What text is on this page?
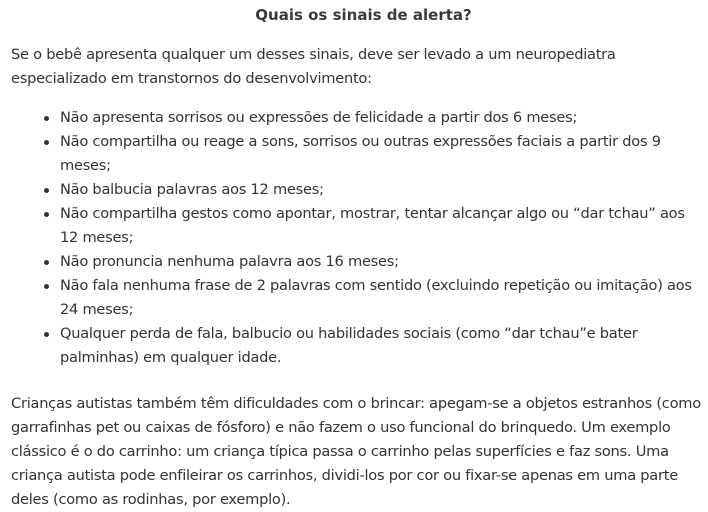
Quais os sinais de alerta?

Se o bebê apresenta qualquer um desses sinais, deve ser levado a um neuropediatra especializado em transtornos do desenvolvimento:

Não apresenta sorrisos ou expressões de felicidade a partir dos 6 meses;
Não compartilha ou reage a sons, sorrisos ou outras expressões faciais a partir dos 9 meses;
Não balbucia palavras aos 12 meses;
Não compartilha gestos como apontar, mostrar, tentar alcançar algo ou “dar tchau” aos 12 meses;
Não pronuncia nenhuma palavra aos 16 meses;
Não fala nenhuma frase de 2 palavras com sentido (excluindo repetição ou imitação) aos 24 meses;
Qualquer perda de fala, balbucio ou habilidades sociais (como “dar tchau”e bater palminhas) em qualquer idade.

Crianças autistas também têm dificuldades com o brincar: apegam-se a objetos estranhos (como garrafinhas pet ou caixas de fósforo) e não fazem o uso funcional do brinquedo. Um exemplo clássico é o do carrinho: um criança típica passa o carrinho pelas superfícies e faz sons. Uma criança autista pode enfileirar os carrinhos, dividi-los por cor ou fixar-se apenas em uma parte deles (como as rodinhas, por exemplo).
